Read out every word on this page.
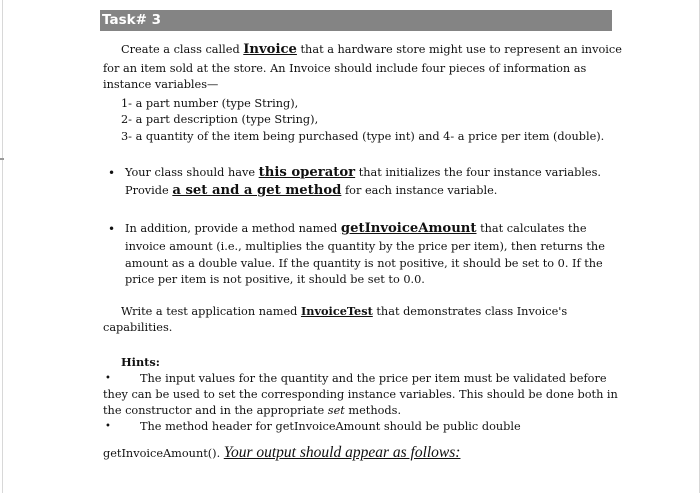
Task# 3
Create a class called Invoice that a hardware store might use to represent an invoice
for an item sold at the store. An Invoice should include four pieces of information as
instance variables—
1- a part number (type String),
2- a part description (type String),
3- a quantity of the item being purchased (type int) and 4- a price per item (double).
• Your class should have this operator that initializes the four instance variables.
Provide a set and a get method for each instance variable.
• In addition, provide a method named getInvoiceAmount that calculates the
invoice amount (i.e., multiplies the quantity by the price per item), then returns the
amount as a double value. If the quantity is not positive, it should be set to 0. If the
price per item is not positive, it should be set to 0.0.
Write a test application named InvoiceTest that demonstrates class Invoice's
capabilities.
Hints:
•	The input values for the quantity and the price per item must be validated before
they can be used to set the corresponding instance variables. This should be done both in
the constructor and in the appropriate set methods.
•	The method header for getInvoiceAmount should be public double
getInvoiceAmount(). Your output should appear as follows:
